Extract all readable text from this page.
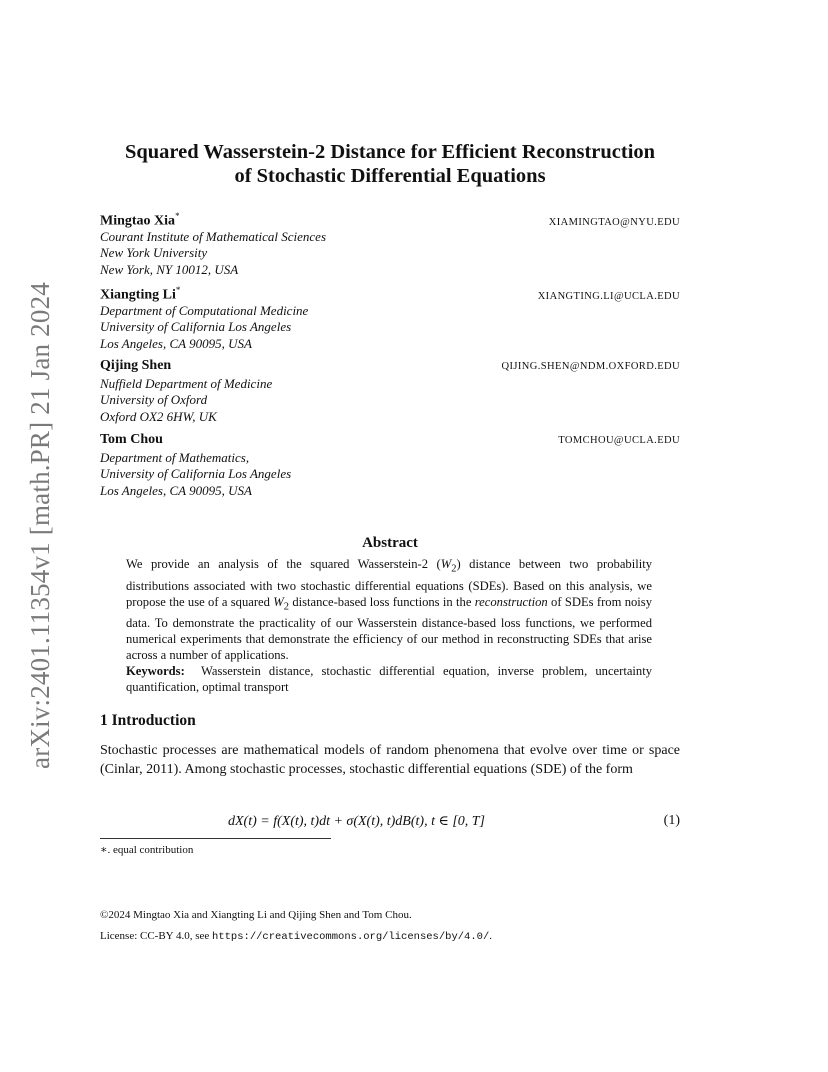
arXiv:2401.11354v1 [math.PR] 21 Jan 2024
Squared Wasserstein-2 Distance for Efficient Reconstruction
of Stochastic Differential Equations
Mingtao Xia*
XIAMINGTAO@NYU.EDU
Courant Institute of Mathematical Sciences
New York University
New York, NY 10012, USA
Xiangting Li*
XIANGTING.LI@UCLA.EDU
Department of Computational Medicine
University of California Los Angeles
Los Angeles, CA 90095, USA
Qijing Shen	QIJING.SHEN@NDM.OXFORD.EDU
Nuffield Department of Medicine
University of Oxford
Oxford OX2 6HW, UK
Tom Chou	TOMCHOU@UCLA.EDU
Department of Mathematics,
University of California Los Angeles
Los Angeles, CA 90095, USA
Abstract

We provide an analysis of the squared Wasserstein-2 $(W_2)$ distance between two probability distributions associated with two stochastic differential equations (SDEs). Based on this analysis, we propose the use of a squared $W_2$ distance-based loss functions in the reconstruction of SDEs from noisy data. To demonstrate the practicality of our Wasserstein distance-based loss functions, we performed numerical experiments that demonstrate the efficiency of our method in reconstructing SDEs that arise across a number of applications.

Keywords: Wasserstein distance, stochastic differential equation, inverse problem, uncertainty quantification, optimal transport

1 Introduction
Stochastic processes are mathematical models of random phenomena that evolve over time or space (Cinlar, 2011). Among stochastic processes, stochastic differential equations (SDE) of the form
dX(t) = f(X(t), t)dt + σ(X(t), t)dB(t), t ∈ [0, T]	(1)
∗. equal contribution
©2024 Mingtao Xia and Xiangting Li and Qijing Shen and Tom Chou.
License: CC-BY 4.0, see https://creativecommons.org/licenses/by/4.0/.
